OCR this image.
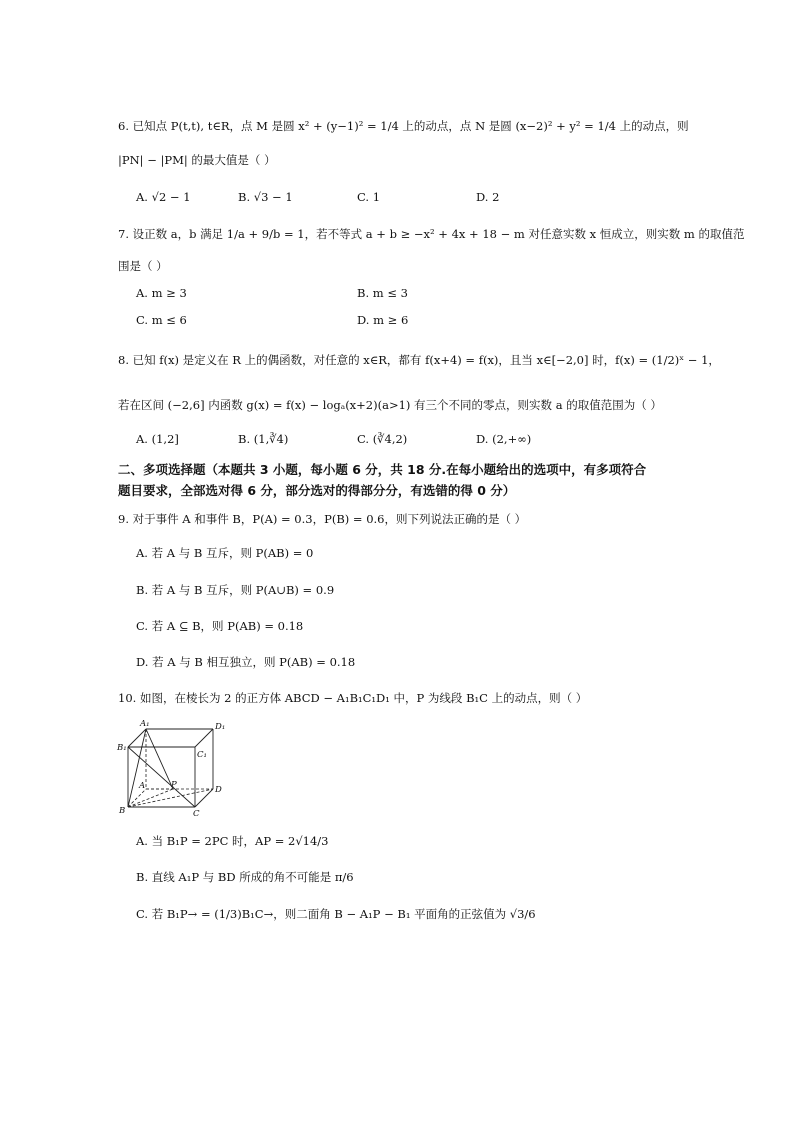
6. 已知点 P(t,t), t∈R，点 M 是圆 x² + (y−1)² = 1/4 上的动点，点 N 是圆 (x−2)² + y² = 1/4 上的动点，则
|PN| − |PM| 的最大值是（ ）
A. √2 − 1	B. √3 − 1	C. 1	D. 2
7. 设正数 a，b 满足 1/a + 9/b = 1，若不等式 a + b ≥ −x² + 4x + 18 − m 对任意实数 x 恒成立，则实数 m 的取值范
围是（ ）
A. m ≥ 3	B. m ≤ 3
C. m ≤ 6	D. m ≥ 6
8. 已知 f(x) 是定义在 R 上的偶函数，对任意的 x∈R，都有 f(x+4) = f(x)，且当 x∈[−2,0] 时，f(x) = (1/2)ˣ − 1，
若在区间 (−2,6] 内函数 g(x) = f(x) − logₐ(x+2)(a>1) 有三个不同的零点，则实数 a 的取值范围为（ ）
A. (1,2]	B. (1,∛4)	C. (∛4,2)	D. (2,+∞)
二、多项选择题（本题共 3 小题，每小题 6 分，共 18 分.在每小题给出的选项中，有多项符合
题目要求，全部选对得 6 分，部分选对的得部分分，有选错的得 0 分）
9. 对于事件 A 和事件 B，P(A) = 0.3，P(B) = 0.6，则下列说法正确的是（ ）
A. 若 A 与 B 互斥，则 P(AB) = 0
B. 若 A 与 B 互斥，则 P(A∪B) = 0.9
C. 若 A ⊆ B，则 P(AB) = 0.18
D. 若 A 与 B 相互独立，则 P(AB) = 0.18
10. 如图，在棱长为 2 的正方体 ABCD − A₁B₁C₁D₁ 中，P 为线段 B₁C 上的动点，则（ ）
A₁	D₁
B₁
C₁
A	P	D
B	C
A. 当 B₁P = 2PC 时，AP = 2√14/3
B. 直线 A₁P 与 BD 所成的角不可能是 π/6
C. 若 B₁P→ = (1/3)B₁C→，则二面角 B − A₁P − B₁ 平面角的正弦值为 √3/6
